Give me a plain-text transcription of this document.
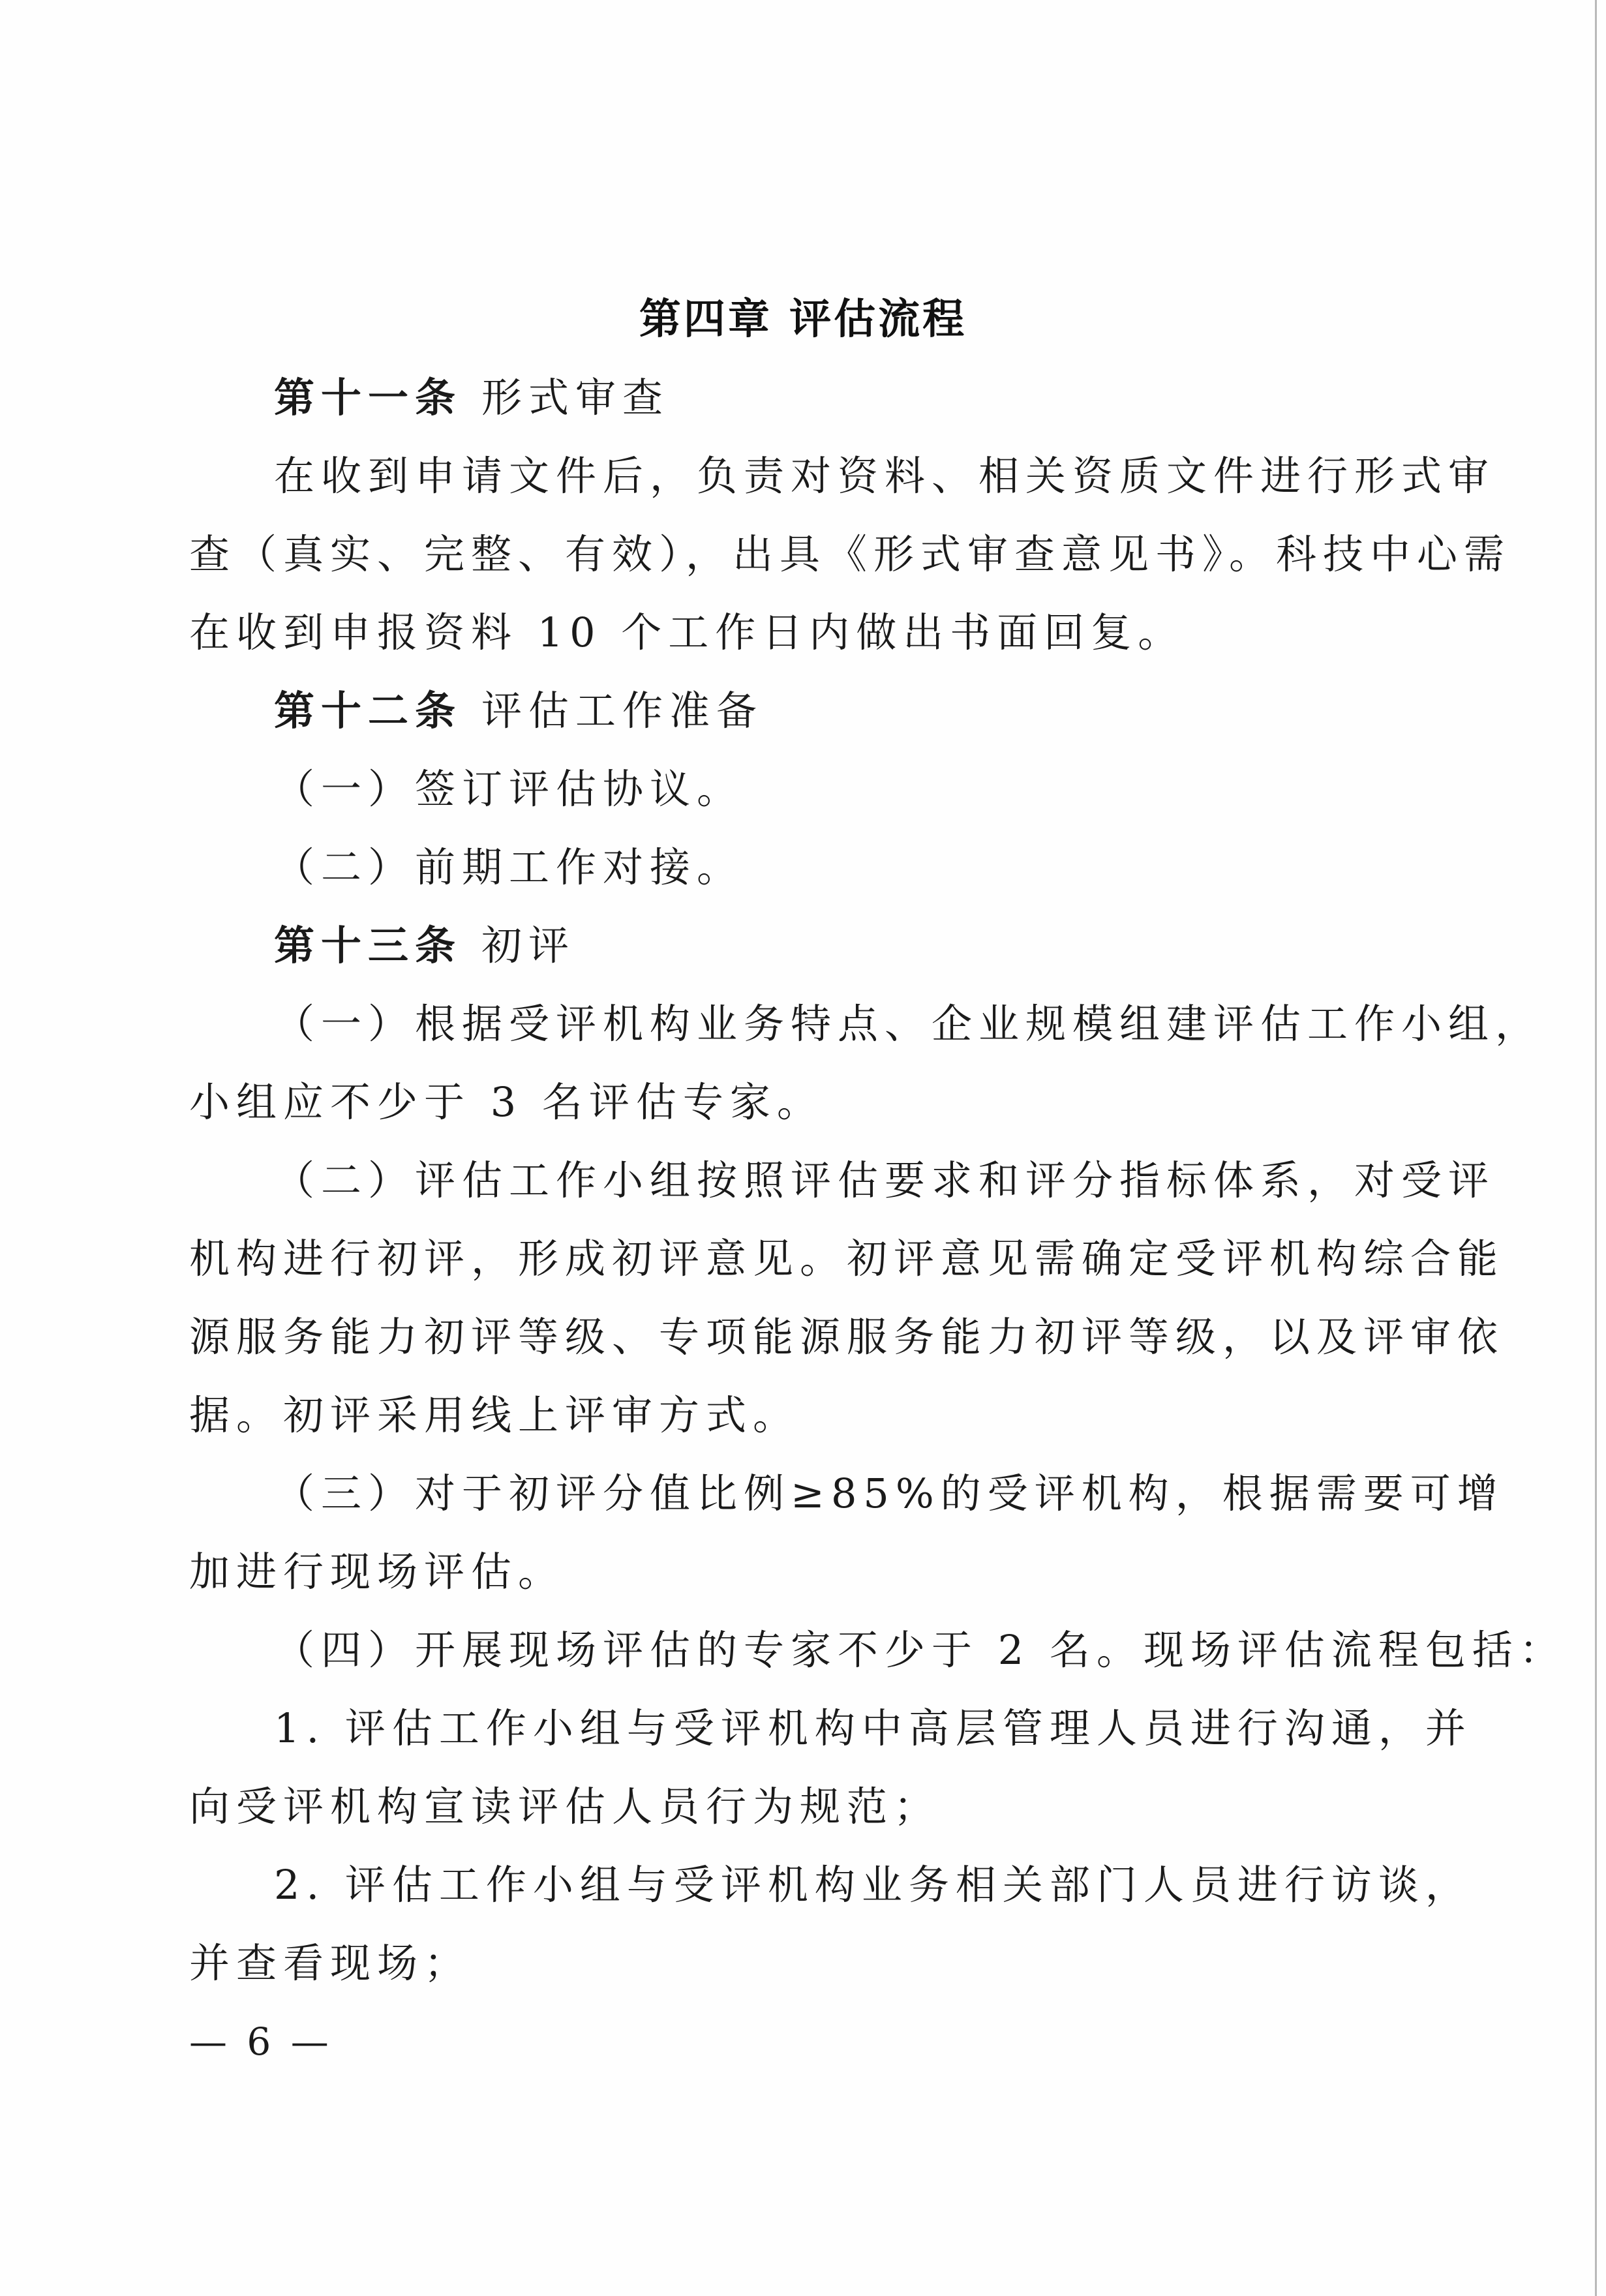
第四章 评估流程
第十一条 形式审查
在收到申请文件后，负责对资料、相关资质文件进行形式审
查（真实、完整、有效），出具《形式审查意见书》。科技中心需
在收到申报资料 10 个工作日内做出书面回复。
第十二条 评估工作准备
（一）签订评估协议。
（二）前期工作对接。
第十三条 初评
（一）根据受评机构业务特点、企业规模组建评估工作小组，
小组应不少于 3 名评估专家。
（二）评估工作小组按照评估要求和评分指标体系，对受评
机构进行初评，形成初评意见。初评意见需确定受评机构综合能
源服务能力初评等级、专项能源服务能力初评等级，以及评审依
据。初评采用线上评审方式。
（三）对于初评分值比例≥85%的受评机构，根据需要可增
加进行现场评估。
（四）开展现场评估的专家不少于 2 名。现场评估流程包括：
1. 评估工作小组与受评机构中高层管理人员进行沟通，并
向受评机构宣读评估人员行为规范；
2. 评估工作小组与受评机构业务相关部门人员进行访谈，
并查看现场；
— 6 —
